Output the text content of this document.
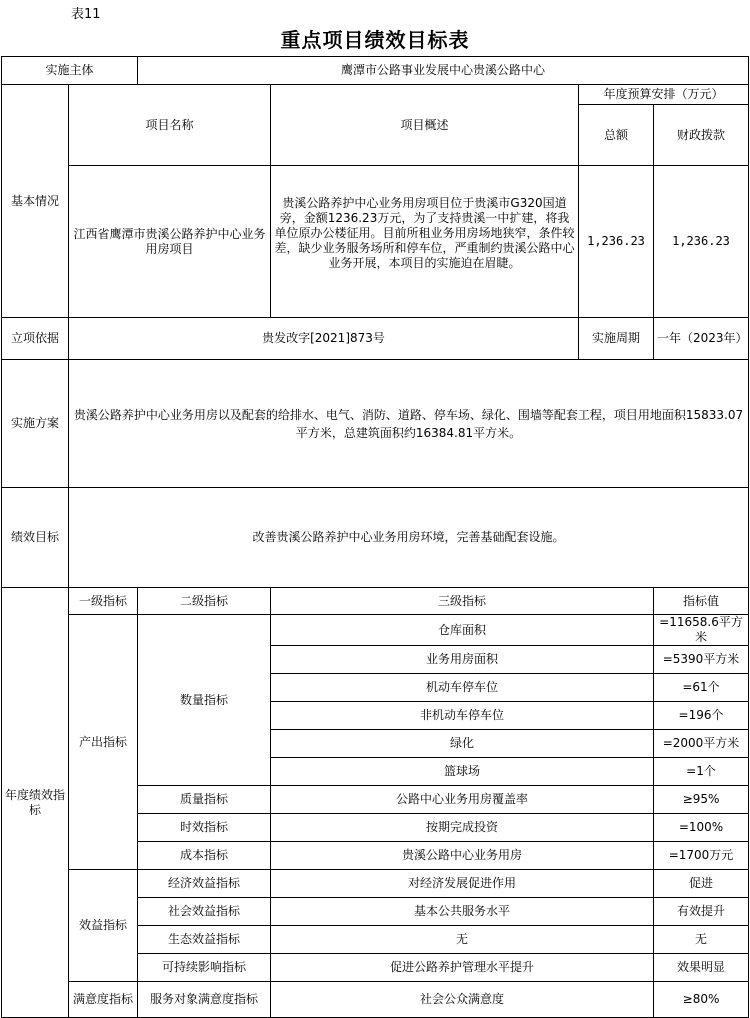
表11
重点项目绩效目标表
实施主体		鹰潭市公路事业发展中心贵溪公路中心				
基本情况	项目名称		项目概述	年度预算安排（万元）		
				总额	财政拨款	
	江西省鹰潭市贵溪公路养护中心业务用房项目		贵溪公路养护中心业务用房项目位于贵溪市G320国道旁，金额1236.23万元，为了支持贵溪一中扩建，将我单位原办公楼征用。目前所租业务用房场地狭窄，条件较差，缺少业务服务场所和停车位，严重制约贵溪公路中心业务开展，本项目的实施迫在眉睫。	1,236.23	1,236.23	

立项依据	贵发改字[2021]873号			实施周期	一年（2023年）	
实施方案	贵溪公路养护中心业务用房以及配套的给排水、电气、消防、道路、停车场、绿化、围墙等配套工程，项目用地面积15833.07平方米，总建筑面积约16384.81平方米。					
绩效目标	改善贵溪公路养护中心业务用房环境，完善基础配套设施。					
年度绩效指标	一级指标	二级指标	三级指标		指标值	
	产出指标	数量指标	仓库面积		=11658.6平方米	
			业务用房面积		=5390平方米	
			机动车停车位		=61个	
			非机动车停车位		=196个	
			绿化		=2000平方米	
			篮球场		=1个	
		质量指标	公路中心业务用房覆盖率		≥95%	
		时效指标	按期完成投资		=100%	
		成本指标	贵溪公路中心业务用房		=1700万元	
	效益指标	经济效益指标	对经济发展促进作用		促进	
		社会效益指标	基本公共服务水平		有效提升	
		生态效益指标	无		无	
		可持续影响指标	促进公路养护管理水平提升		效果明显	
	满意度指标	服务对象满意度指标	社会公众满意度		≥80%	
